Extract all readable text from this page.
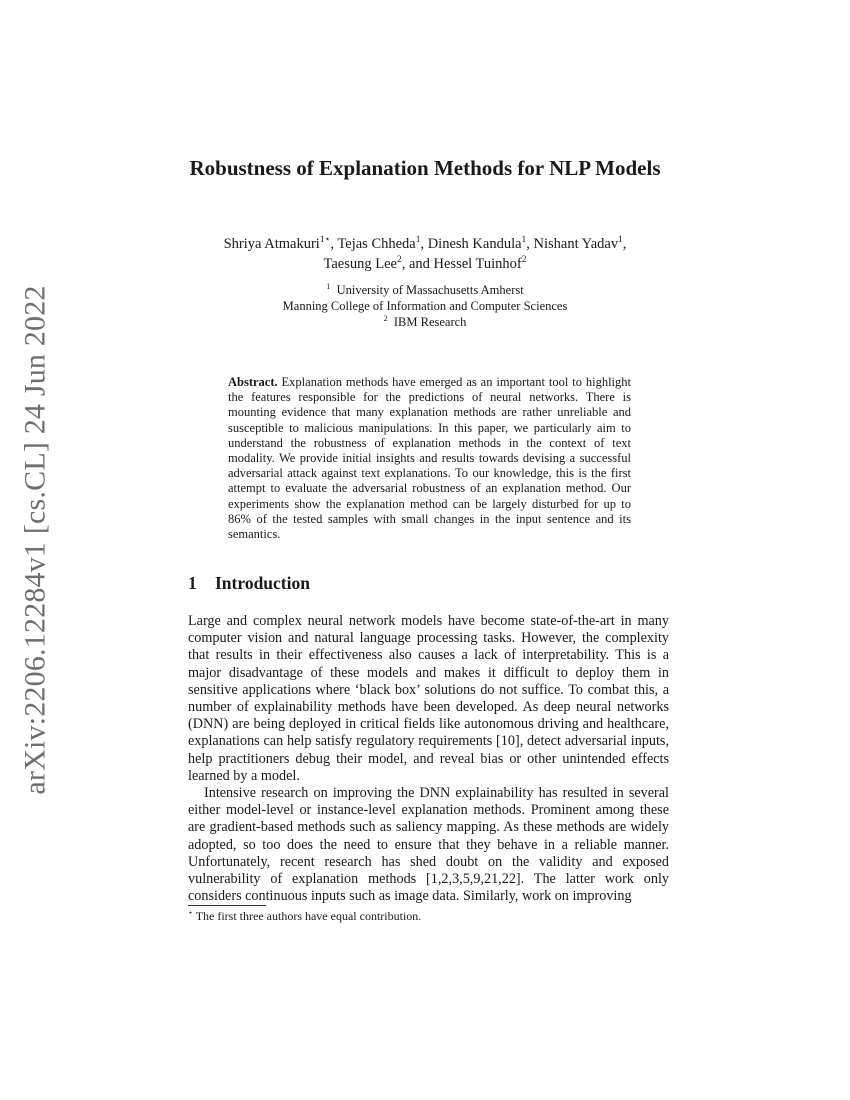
arXiv:2206.12284v1 [cs.CL] 24 Jun 2022
Robustness of Explanation Methods for NLP Models
Shriya Atmakuri$^{1⋆}$, Tejas Chheda$^1$, Dinesh Kandula$^1$, Nishant Yadav$^1$,
Taesung Lee$^2$, and Hessel Tuinhof$^2$
$^1$ University of Massachusetts Amherst
Manning College of Information and Computer Sciences
$^2$ IBM Research
Abstract. Explanation methods have emerged as an important tool to highlight the features responsible for the predictions of neural networks. There is mounting evidence that many explanation methods are rather unreliable and susceptible to malicious manipulations. In this paper, we particularly aim to understand the robustness of explanation methods in the context of text modality. We provide initial insights and results towards devising a successful adversarial attack against text explanations. To our knowledge, this is the first attempt to evaluate the adversarial robustness of an explanation method. Our experiments show the explanation method can be largely disturbed for up to 86% of the tested samples with small changes in the input sentence and its semantics.
1 Introduction

Large and complex neural network models have become state-of-the-art in many computer vision and natural language processing tasks. However, the complexity that results in their effectiveness also causes a lack of interpretability. This is a major disadvantage of these models and makes it difficult to deploy them in sensitive applications where ‘black box’ solutions do not suffice. To combat this, a number of explainability methods have been developed. As deep neural networks (DNN) are being deployed in critical fields like autonomous driving and healthcare, explanations can help satisfy regulatory requirements [10], detect adversarial inputs, help practitioners debug their model, and reveal bias or other unintended effects learned by a model.

Intensive research on improving the DNN explainability has resulted in several either model-level or instance-level explanation methods. Prominent among these are gradient-based methods such as saliency mapping. As these methods are widely adopted, so too does the need to ensure that they behave in a reliable manner. Unfortunately, recent research has shed doubt on the validity and exposed vulnerability of explanation methods [1,2,3,5,9,21,22]. The latter work only considers continuous inputs such as image data. Similarly, work on improving

⋆ The first three authors have equal contribution.
